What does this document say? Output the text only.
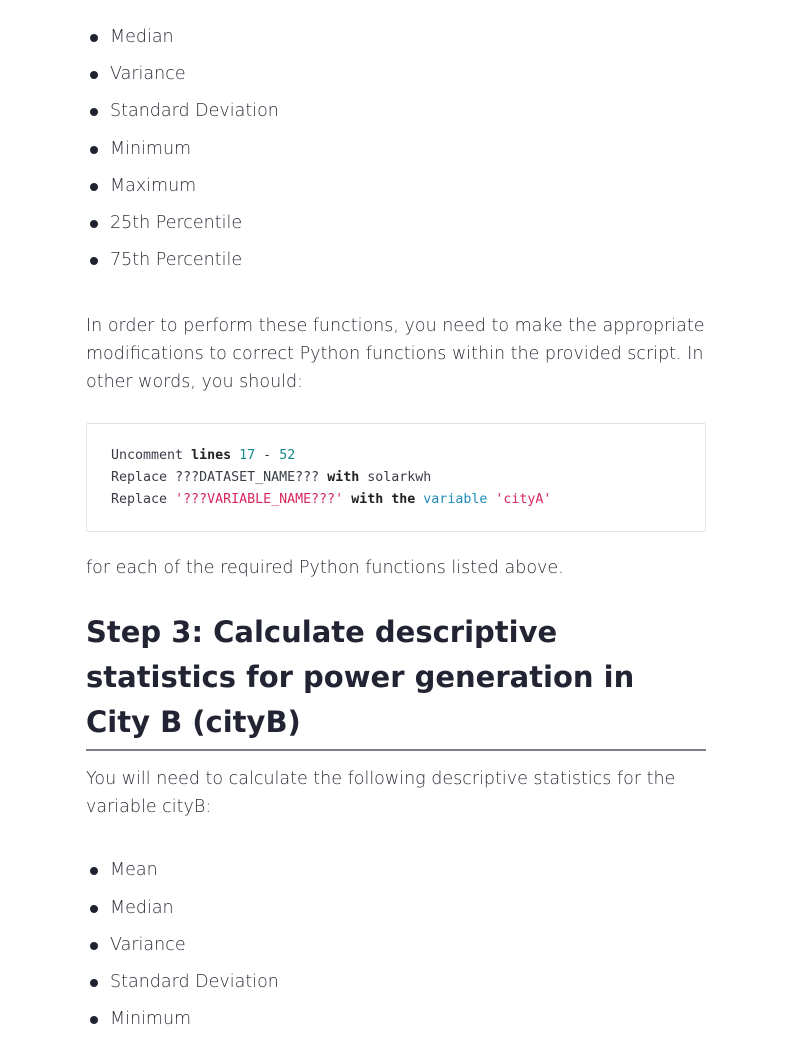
Median
Variance
Standard Deviation
Minimum
Maximum
25th Percentile
75th Percentile

In order to perform these functions, you need to make the appropriate modifications to correct Python functions within the provided script. In other words, you should:

Uncomment lines 17 - 52
Replace ???DATASET_NAME??? with solarkwh
Replace '???VARIABLE_NAME???' with the variable 'cityA'

for each of the required Python functions listed above.

Step 3: Calculate descriptive statistics for power generation in City B (cityB)

You will need to calculate the following descriptive statistics for the variable cityB:

Mean
Median
Variance
Standard Deviation
Minimum
